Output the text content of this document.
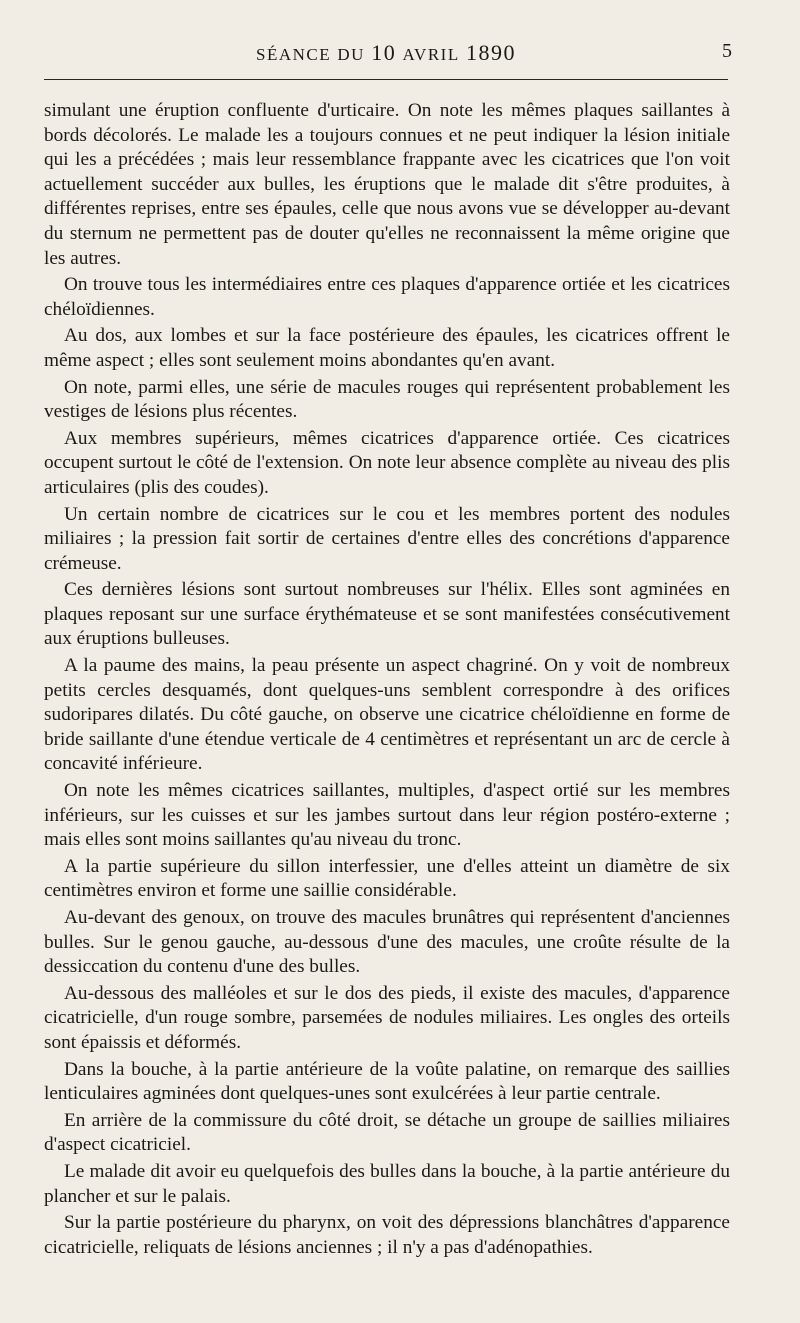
SÉANCE DU 10 AVRIL 1890	5

simulant une éruption confluente d'urticaire. On note les mêmes plaques saillantes à bords décolorés. Le malade les a toujours connues et ne peut indiquer la lésion initiale qui les a précédées ; mais leur ressemblance frappante avec les cicatrices que l'on voit actuellement succéder aux bulles, les éruptions que le malade dit s'être produites, à différentes reprises, entre ses épaules, celle que nous avons vue se développer au-devant du sternum ne permettent pas de douter qu'elles ne reconnaissent la même origine que les autres.

On trouve tous les intermédiaires entre ces plaques d'apparence ortiée et les cicatrices chéloïdiennes.

Au dos, aux lombes et sur la face postérieure des épaules, les cicatrices offrent le même aspect ; elles sont seulement moins abondantes qu'en avant.

On note, parmi elles, une série de macules rouges qui représentent probablement les vestiges de lésions plus récentes.

Aux membres supérieurs, mêmes cicatrices d'apparence ortiée. Ces cicatrices occupent surtout le côté de l'extension. On note leur absence complète au niveau des plis articulaires (plis des coudes).

Un certain nombre de cicatrices sur le cou et les membres portent des nodules miliaires ; la pression fait sortir de certaines d'entre elles des concrétions d'apparence crémeuse.

Ces dernières lésions sont surtout nombreuses sur l'hélix. Elles sont agminées en plaques reposant sur une surface érythémateuse et se sont manifestées consécutivement aux éruptions bulleuses.

A la paume des mains, la peau présente un aspect chagriné. On y voit de nombreux petits cercles desquamés, dont quelques-uns semblent correspondre à des orifices sudoripares dilatés. Du côté gauche, on observe une cicatrice chéloïdienne en forme de bride saillante d'une étendue verticale de 4 centimètres et représentant un arc de cercle à concavité inférieure.

On note les mêmes cicatrices saillantes, multiples, d'aspect ortié sur les membres inférieurs, sur les cuisses et sur les jambes surtout dans leur région postéro-externe ; mais elles sont moins saillantes qu'au niveau du tronc.

A la partie supérieure du sillon interfessier, une d'elles atteint un diamètre de six centimètres environ et forme une saillie considérable.

Au-devant des genoux, on trouve des macules brunâtres qui représentent d'anciennes bulles. Sur le genou gauche, au-dessous d'une des macules, une croûte résulte de la dessiccation du contenu d'une des bulles.

Au-dessous des malléoles et sur le dos des pieds, il existe des macules, d'apparence cicatricielle, d'un rouge sombre, parsemées de nodules miliaires. Les ongles des orteils sont épaissis et déformés.

Dans la bouche, à la partie antérieure de la voûte palatine, on remarque des saillies lenticulaires agminées dont quelques-unes sont exulcérées à leur partie centrale.

En arrière de la commissure du côté droit, se détache un groupe de saillies miliaires d'aspect cicatriciel.

Le malade dit avoir eu quelquefois des bulles dans la bouche, à la partie antérieure du plancher et sur le palais.

Sur la partie postérieure du pharynx, on voit des dépressions blanchâtres d'apparence cicatricielle, reliquats de lésions anciennes ; il n'y a pas d'adénopathies.
